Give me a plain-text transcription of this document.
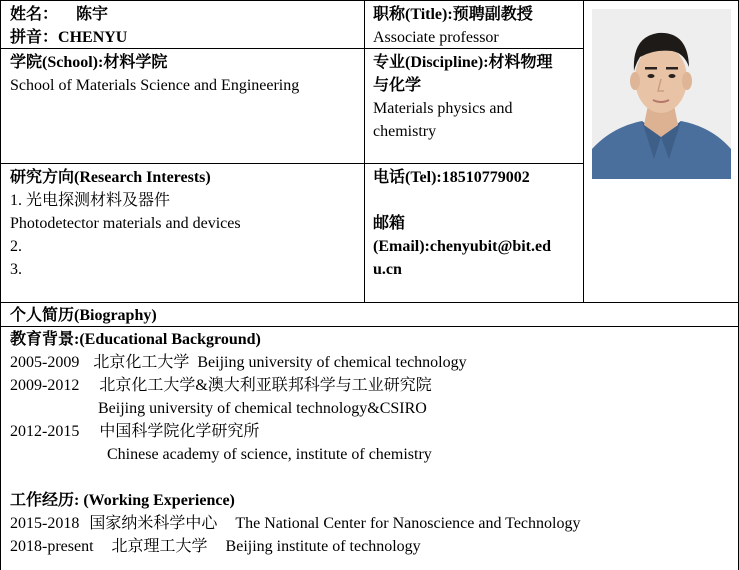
姓名： 陈宇
拼音：CHENYU
职称(Title):预聘副教授
Associate professor
学院(School):材料学院
School of Materials Science and Engineering
专业(Discipline):材料物理
与化学
Materials physics and
chemistry
研究方向(Research Interests)
1. 光电探测材料及器件
Photodetector materials and devices
2.
3.
电话(Tel):18510779002
邮箱
(Email):chenyubit@bit.ed
u.cn
个人简历(Biography)
教育背景:(Educational Background)
2005-2009 北京化工大学 Beijing university of chemical technology
2009-2012 北京化工大学&澳大利亚联邦科学与工业研究院
Beijing university of chemical technology&CSIRO
2012-2015 中国科学院化学研究所
Chinese academy of science, institute of chemistry
工作经历: (Working Experience)
2015-2018 国家纳米科学中心 The National Center for Nanoscience and Technology
2018-present 北京理工大学 Beijing institute of technology
